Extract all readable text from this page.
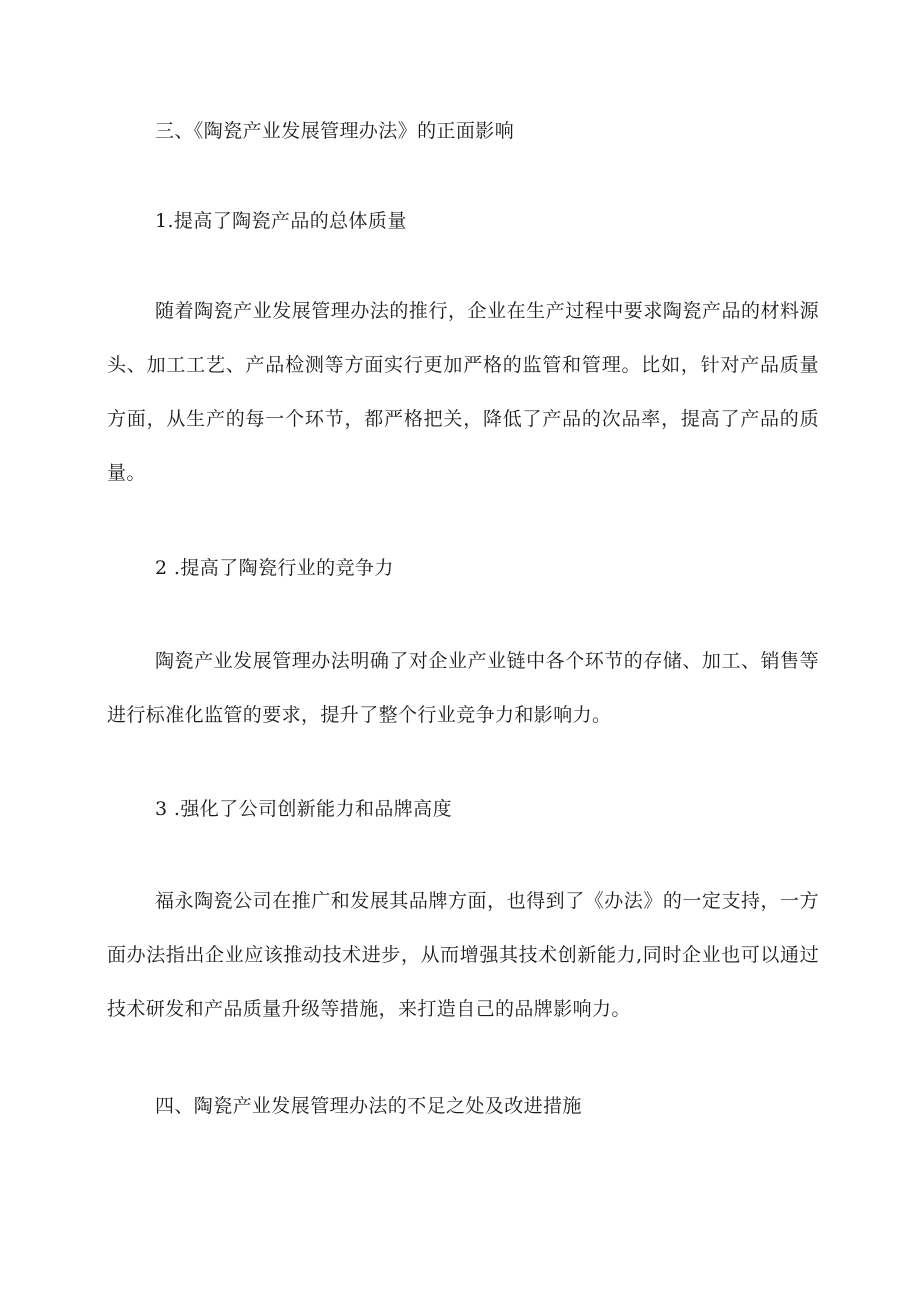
三、《陶瓷产业发展管理办法》的正面影响
1.提高了陶瓷产品的总体质量
随着陶瓷产业发展管理办法的推行，企业在生产过程中要求陶瓷产品的材料源头、加工工艺、产品检测等方面实行更加严格的监管和管理。比如，针对产品质量方面，从生产的每一个环节，都严格把关，降低了产品的次品率，提高了产品的质量。
2 .提高了陶瓷行业的竞争力
陶瓷产业发展管理办法明确了对企业产业链中各个环节的存储、加工、销售等进行标准化监管的要求，提升了整个行业竞争力和影响力。
3 .强化了公司创新能力和品牌高度
福永陶瓷公司在推广和发展其品牌方面，也得到了《办法》的一定支持，一方面办法指出企业应该推动技术进步，从而增强其技术创新能力,同时企业也可以通过技术研发和产品质量升级等措施，来打造自己的品牌影响力。
四、陶瓷产业发展管理办法的不足之处及改进措施
